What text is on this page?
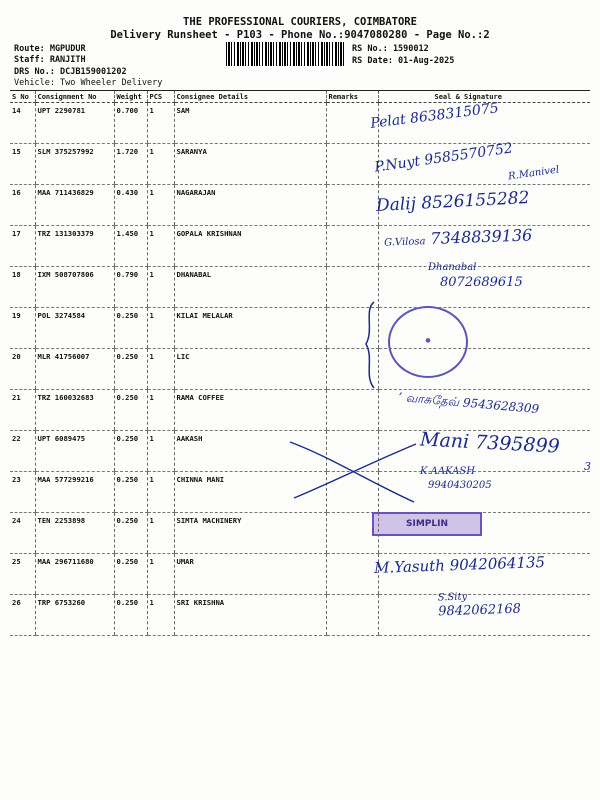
THE PROFESSIONAL COURIERS, COIMBATORE
Delivery Runsheet - P103 - Phone No.:9047080280 - Page No.:2
Route: MGPUDUR
Staff: RANJITH
DRS No.: DCJB159001202
Vehicle: Two Wheeler Delivery
RS No.: 1590012
RS Date: 01-Aug-2025
S No	Consignment No	Weight	PCS	Consignee Details	Remarks	Seal & Signature
14	UPT 2290781	0.700	1	SAM		
15	SLM 375257992	1.720	1	SARANYA		
16	MAA 711436829	0.430	1	NAGARAJAN		
17	TRZ 131303379	1.450	1	GOPALA KRISHNAN		
18	IXM 508707806	0.790	1	DHANABAL		
19	POL 3274584	0.250	1	KILAI MELALAR		
20	MLR 41756007	0.250	1	LIC		
21	TRZ 160032683	0.250	1	RAMA COFFEE		
22	UPT 6089475	0.250	1	AAKASH		
23	MAA 577299216	0.250	1	CHINNA MANI		
24	TEN 2253898	0.250	1	SIMTA MACHINERY		
25	MAA 296711680	0.250	1	UMAR		
26	TRP 6753260	0.250	1	SRI KRISHNA		
Pelat 8638315075
P.Nuyt 9585570752
R.Manivel
Dalij 8526155282
G.Vilosa 7348839136
Dhanabal
8072689615
●
’ வாசுதேவ் 9543628309
Mani 7395899
3
K.AAKASH
9940430205
SIMPLIN
M.Yasuth 9042064135
S.Sity
9842062168
